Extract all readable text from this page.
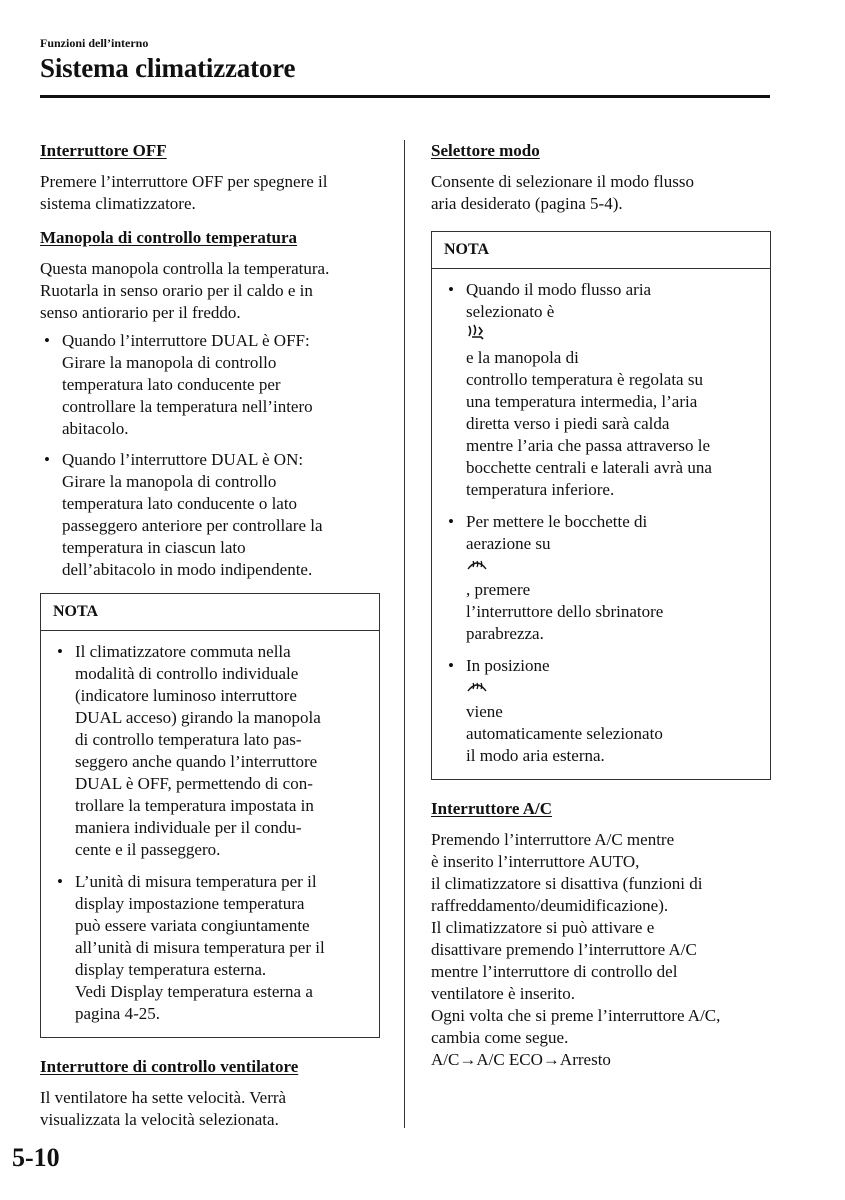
Funzioni dell’interno
Sistema climatizzatore
Interruttore OFF

Premere l’interruttore OFF per spegnere il
sistema climatizzatore.

Manopola di controllo temperatura

Questa manopola controlla la temperatura.
Ruotarla in senso orario per il caldo e in
senso antiorario per il freddo.

• Quando l’interruttore DUAL è OFF:
Girare la manopola di controllo
temperatura lato conducente per
controllare la temperatura nell’intero
abitacolo.
• Quando l’interruttore DUAL è ON:
Girare la manopola di controllo
temperatura lato conducente o lato
passeggero anteriore per controllare la
temperatura in ciascun lato
dell’abitacolo in modo indipendente.
NOTA
• Il climatizzatore commuta nella
modalità di controllo individuale
(indicatore luminoso interruttore
DUAL acceso) girando la manopola
di controllo temperatura lato pas-
seggero anche quando l’interruttore
DUAL è OFF, permettendo di con-
trollare la temperatura impostata in
maniera individuale per il condu-
cente e il passeggero.
• L’unità di misura temperatura per il
display impostazione temperatura
può essere variata congiuntamente
all’unità di misura temperatura per il
display temperatura esterna.
Vedi Display temperatura esterna a
pagina 4-25.
Interruttore di controllo ventilatore

Il ventilatore ha sette velocità. Verrà
visualizzata la velocità selezionata.

Selettore modo

Consente di selezionare il modo flusso
aria desiderato (pagina 5-4).

NOTA
• Quando il modo flusso aria
selezionato è
e la manopola di
controllo temperatura è regolata su
una temperatura intermedia, l’aria
diretta verso i piedi sarà calda
mentre l’aria che passa attraverso le
bocchette centrali e laterali avrà una
temperatura inferiore.
• Per mettere le bocchette di
aerazione su
, premere
l’interruttore dello sbrinatore
parabrezza.
• In posizione
viene
automaticamente selezionato
il modo aria esterna.
Interruttore A/C

Premendo l’interruttore A/C mentre
è inserito l’interruttore AUTO,
il climatizzatore si disattiva (funzioni di
raffreddamento/deumidificazione).
Il climatizzatore si può attivare e
disattivare premendo l’interruttore A/C
mentre l’interruttore di controllo del
ventilatore è inserito.
Ogni volta che si preme l’interruttore A/C,
cambia come segue.
A/C→A/C ECO→Arresto

5-10
